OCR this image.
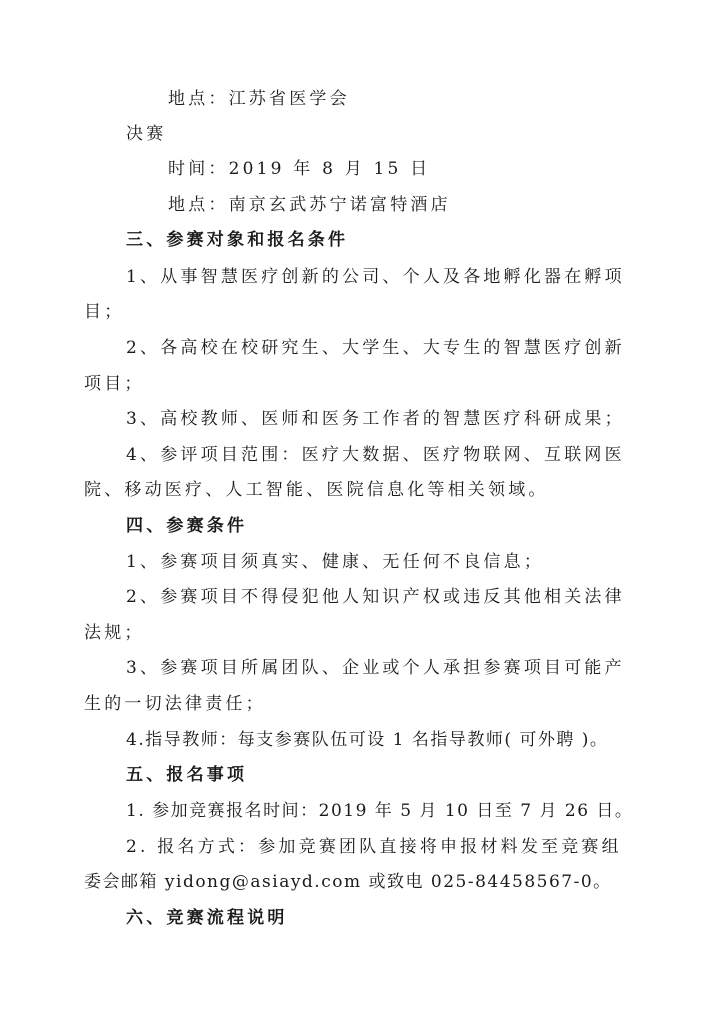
地点：江苏省医学会
决赛
时间：2019 年 8 月 15 日
地点：南京玄武苏宁诺富特酒店
三、参赛对象和报名条件
1、从事智慧医疗创新的公司、个人及各地孵化器在孵项
目；
2、各高校在校研究生、大学生、大专生的智慧医疗创新
项目；
3、高校教师、医师和医务工作者的智慧医疗科研成果；
4、参评项目范围：医疗大数据、医疗物联网、互联网医
院、移动医疗、人工智能、医院信息化等相关领域。
四、参赛条件
1、参赛项目须真实、健康、无任何不良信息；
2、参赛项目不得侵犯他人知识产权或违反其他相关法律
法规；
3、参赛项目所属团队、企业或个人承担参赛项目可能产
生的一切法律责任；
4.指导教师：每支参赛队伍可设 1 名指导教师( 可外聘 )。
五、报名事项
1. 参加竞赛报名时间：2019 年 5 月 10 日至 7 月 26 日。
2. 报名方式：参加竞赛团队直接将申报材料发至竞赛组
委会邮箱 yidong@asiayd.com 或致电 025-84458567-0。
六、竞赛流程说明
